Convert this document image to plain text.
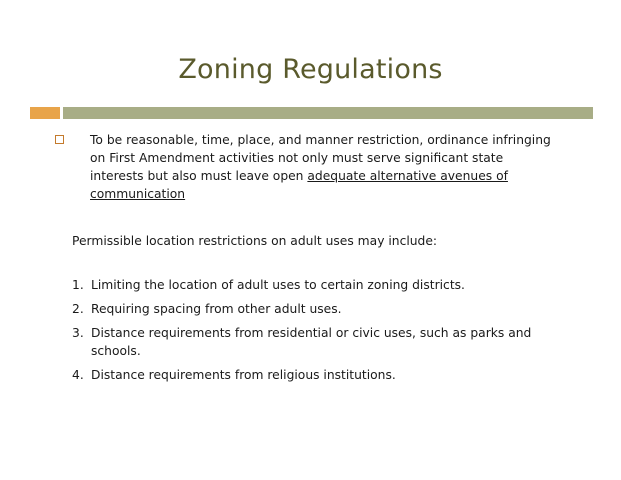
Zoning Regulations
To be reasonable, time, place, and manner restriction, ordinance infringing on First Amendment activities not only must serve significant state interests but also must leave open adequate alternative avenues of communication
Permissible location restrictions on adult uses may include:
1. Limiting the location of adult uses to certain zoning districts.
2. Requiring spacing from other adult uses.
3. Distance requirements from residential or civic uses, such as parks and schools.
4. Distance requirements from religious institutions.
